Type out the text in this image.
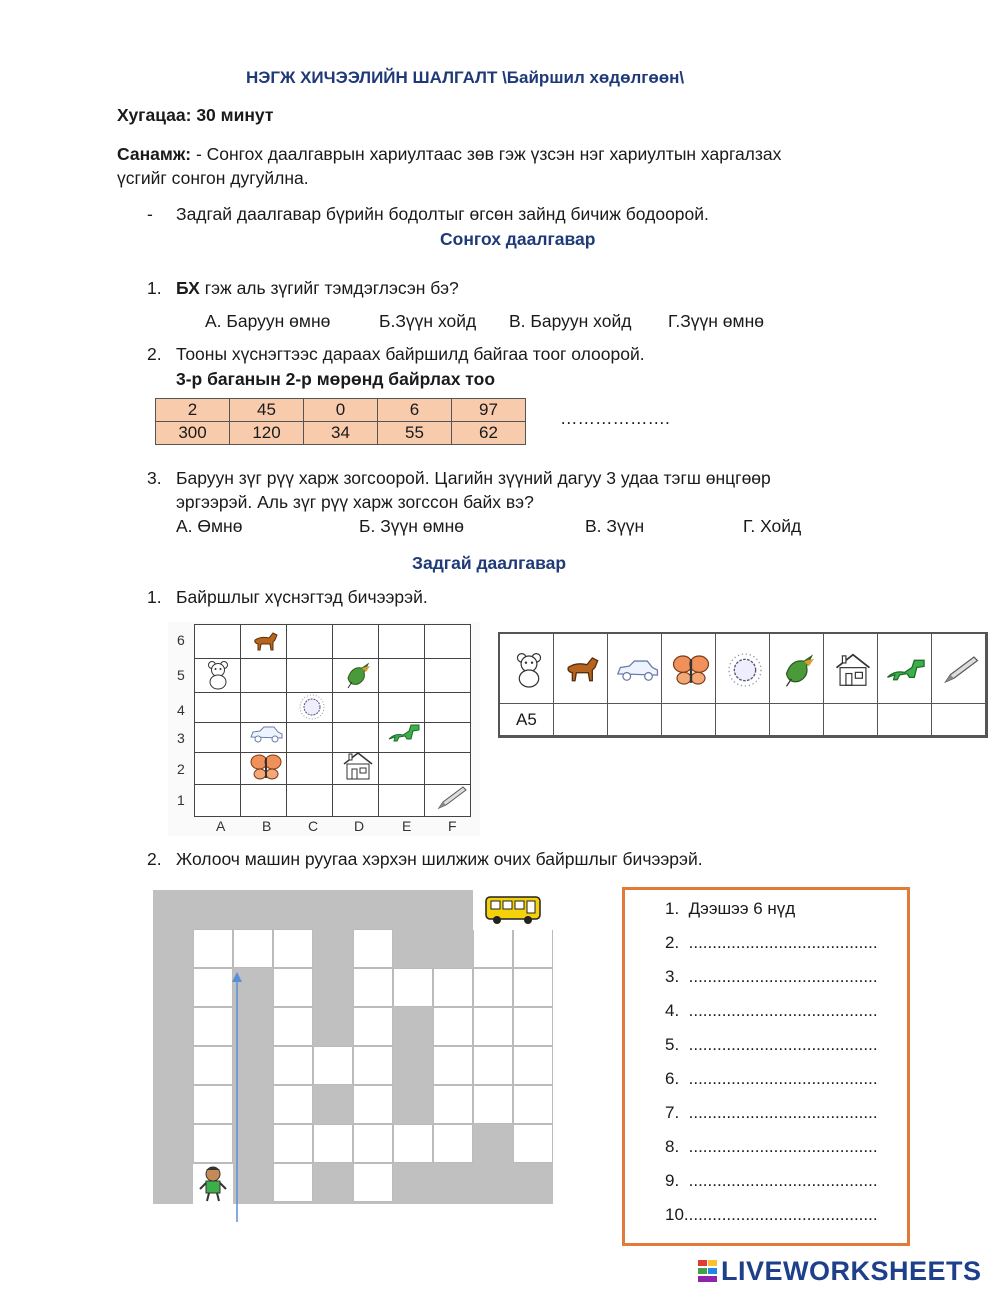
НЭГЖ ХИЧЭЭЛИЙН ШАЛГАЛТ \Байршил хөдөлгөөн\
Хугацаа: 30 минут
Санамж: - Сонгох даалгаврын хариултаас зөв гэж үзсэн нэг хариултын харгалзах
үсгийг сонгон дугуйлна.
- Задгай даалгавар бүрийн бодолтыг өгсөн зайнд бичиж бодоорой.
Сонгох даалгавар
1. БХ гэж аль зүгийг тэмдэглэсэн бэ?
А. Баруун өмнө	Б.Зүүн хойд В. Баруун хойд Г.Зүүн өмнө
2. Тооны хүснэгтээс дараах байршилд байгаа тоог олоорой.
3-р баганын 2-р мөрөнд байрлах тоо
2	45	0	6	97
300	120	34	55	62
……………….
3. Баруун зүг рүү харж зогсоорой. Цагийн зүүний дагуу 3 удаа тэгш өнцгөөр
эргээрэй. Аль зүг рүү харж зогссон байх вэ?
А. Өмнө	Б. Зүүн өмнө	В. Зүүн	Г. Хойд
Задгай даалгавар
1. Байршлыг хүснэгтэд бичээрэй.
6
5
4
3
2
1
A	B	C	D	E	F
A5
2. Жолооч машин руугаа хэрхэн шилжиж очих байршлыг бичээрэй.
1. Дээшээ 6 нүд
2. ........................................
3. ........................................
4. ........................................
5. ........................................
6. ........................................
7. ........................................
8. ........................................
9. ........................................
10.........................................
LIVEWORKSHEETS
